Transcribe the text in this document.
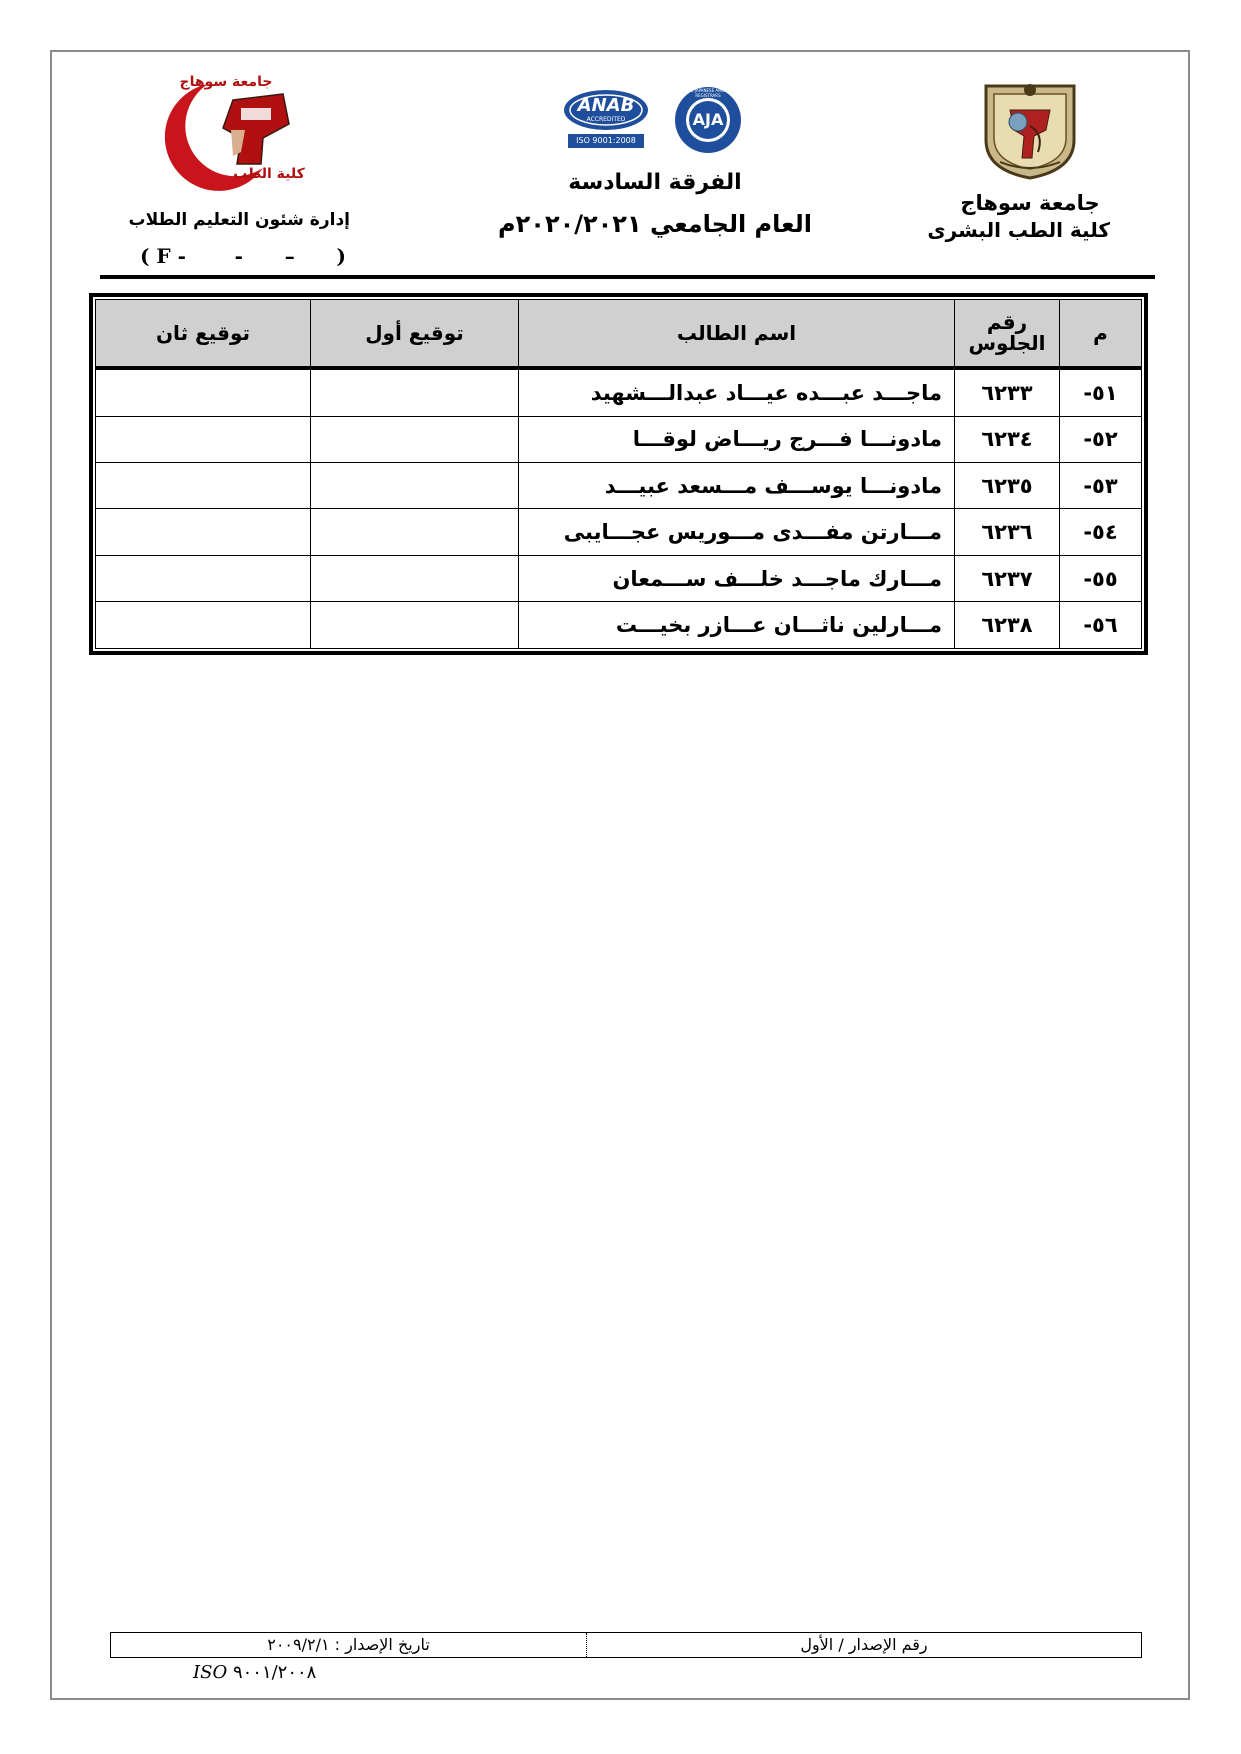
جامعة سوهاج
كلية الطب البشرى
ANAB
ACCREDITED
ISO 9001:2008
AJA
ANGLO JAPANESE AMERICAN REGISTRARS
الفرقة السادسة
العام الجامعي ٢٠٢٠/٢٠٢١م
جامعة سوهاج
كلية الطب
إدارة شئون التعليم الطلاب
( F -       -      –      )
م	رقم الجلوس	اسم الطالب	توقيع أول	توقيع ثان
٥١-	٦٢٣٣	ماجـــد عبـــده عيـــاد عبدالـــشهيد		
٥٢-	٦٢٣٤	مادونـــا فـــرج ريـــاض لوقـــا		
٥٣-	٦٢٣٥	مادونـــا يوســـف مـــسعد عبيـــد		
٥٤-	٦٢٣٦	مـــارتن مفـــدى مـــوريس عجـــايبى		
٥٥-	٦٢٣٧	مـــارك ماجـــد خلـــف ســـمعان		
٥٦-	٦٢٣٨	مـــارلين ناثـــان عـــازر بخيـــت		
تاريخ الإصدار : ٢٠٠٩/٢/١	رقم الإصدار / الأول
ISO ٩٠٠١/٢٠٠٨
